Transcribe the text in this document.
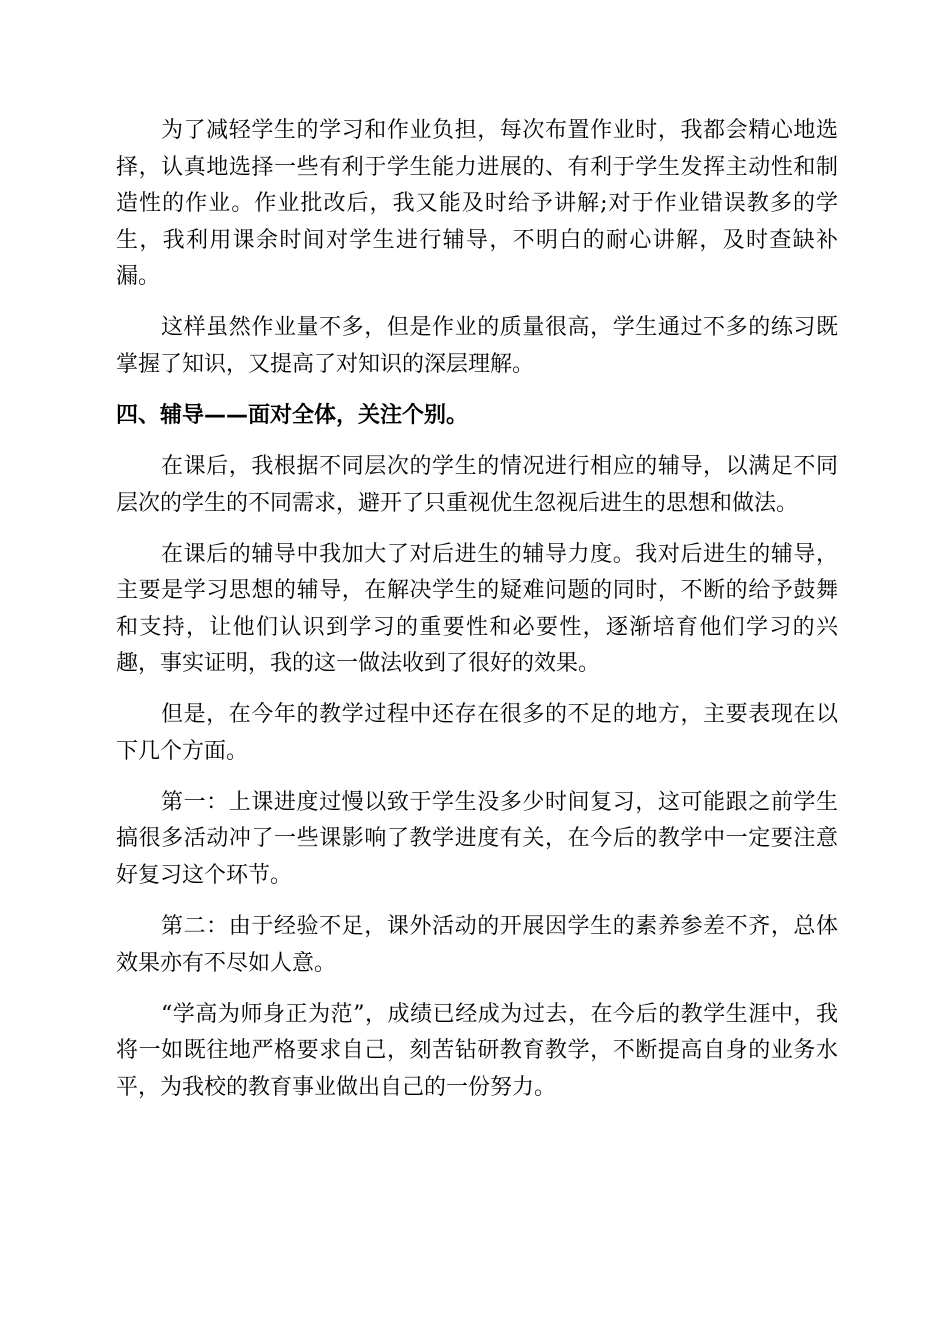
为了减轻学生的学习和作业负担，每次布置作业时，我都会精心地选择，认真地选择一些有利于学生能力进展的、有利于学生发挥主动性和制造性的作业。作业批改后，我又能及时给予讲解;对于作业错误教多的学生，我利用课余时间对学生进行辅导，不明白的耐心讲解，及时查缺补漏。

这样虽然作业量不多，但是作业的质量很高，学生通过不多的练习既掌握了知识，又提高了对知识的深层理解。

四、辅导——面对全体，关注个别。

在课后，我根据不同层次的学生的情况进行相应的辅导，以满足不同层次的学生的不同需求，避开了只重视优生忽视后进生的思想和做法。

在课后的辅导中我加大了对后进生的辅导力度。我对后进生的辅导，主要是学习思想的辅导，在解决学生的疑难问题的同时，不断的给予鼓舞和支持，让他们认识到学习的重要性和必要性，逐渐培育他们学习的兴趣，事实证明，我的这一做法收到了很好的效果。

但是，在今年的教学过程中还存在很多的不足的地方，主要表现在以下几个方面。

第一：上课进度过慢以致于学生没多少时间复习，这可能跟之前学生搞很多活动冲了一些课影响了教学进度有关，在今后的教学中一定要注意好复习这个环节。

第二：由于经验不足，课外活动的开展因学生的素养参差不齐，总体效果亦有不尽如人意。

“学高为师身正为范”，成绩已经成为过去，在今后的教学生涯中，我将一如既往地严格要求自己，刻苦钻研教育教学，不断提高自身的业务水平，为我校的教育事业做出自己的一份努力。
